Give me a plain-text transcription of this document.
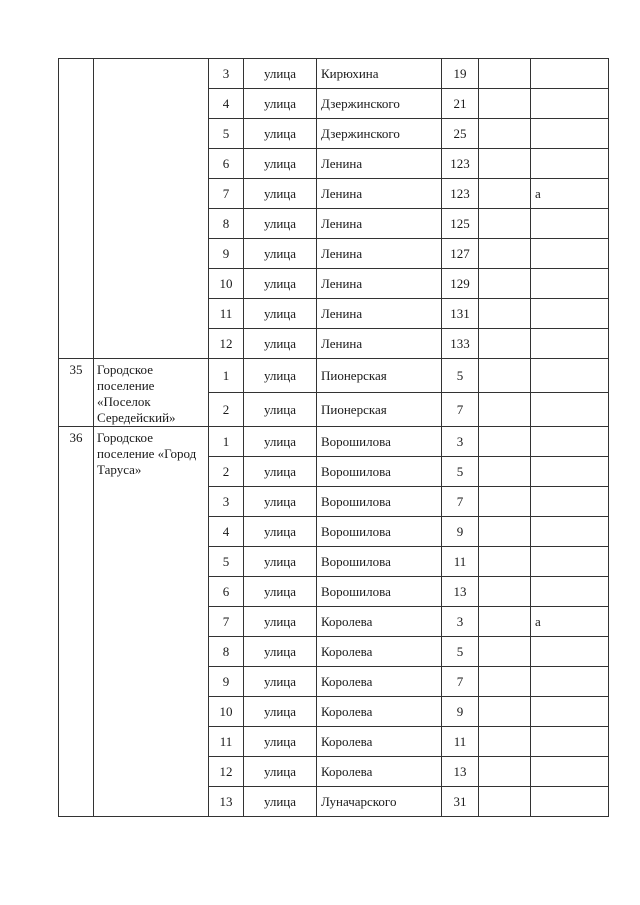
		3	улица	Кирюхина	19		
		4	улица	Дзержинского	21		
		5	улица	Дзержинского	25		
		6	улица	Ленина	123		
		7	улица	Ленина	123		а
		8	улица	Ленина	125		
		9	улица	Ленина	127		
		10	улица	Ленина	129		
		11	улица	Ленина	131		
		12	улица	Ленина	133		
35	Городское поселение «Поселок Середейский»	1	улица	Пионерская	5		
		2	улица	Пионерская	7		
36	Городское поселение «Город Таруса»	1	улица	Ворошилова	3		
		2	улица	Ворошилова	5		
		3	улица	Ворошилова	7		
		4	улица	Ворошилова	9		
		5	улица	Ворошилова	11		
		6	улица	Ворошилова	13		
		7	улица	Королева	3		а
		8	улица	Королева	5		
		9	улица	Королева	7		
		10	улица	Королева	9		
		11	улица	Королева	11		
		12	улица	Королева	13		
		13	улица	Луначарского	31		
